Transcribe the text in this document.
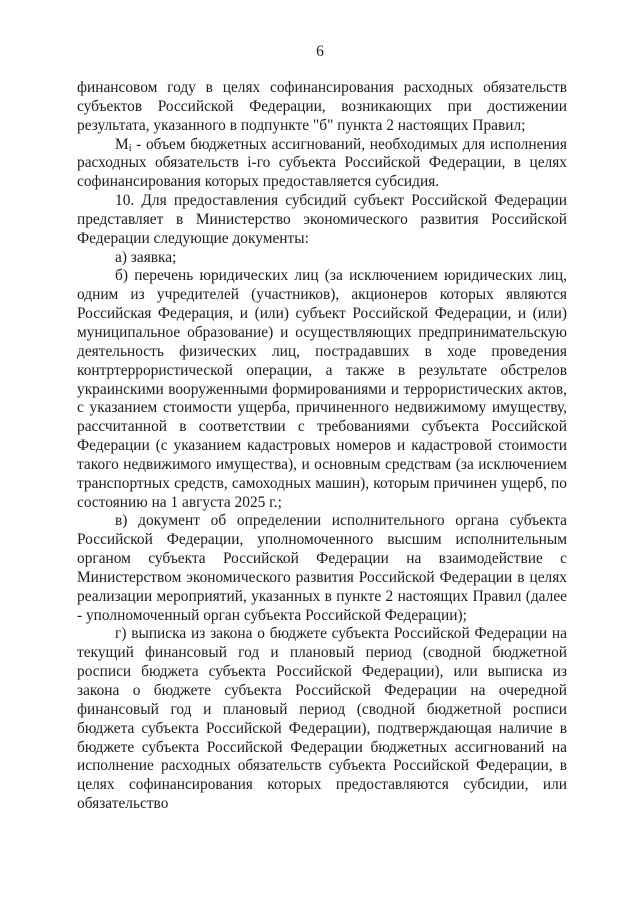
6

финансовом году в целях софинансирования расходных обязательств субъектов Российской Федерации, возникающих при достижении результата, указанного в подпункте "б" пункта 2 настоящих Правил;

$M_i$ - объем бюджетных ассигнований, необходимых для исполнения расходных обязательств i-го субъекта Российской Федерации, в целях софинансирования которых предоставляется субсидия.

10. Для предоставления субсидий субъект Российской Федерации представляет в Министерство экономического развития Российской Федерации следующие документы:

а) заявка;

б) перечень юридических лиц (за исключением юридических лиц, одним из учредителей (участников), акционеров которых являются Российская Федерация, и (или) субъект Российской Федерации, и (или) муниципальное образование) и осуществляющих предпринимательскую деятельность физических лиц, пострадавших в ходе проведения контртеррористической операции, а также в результате обстрелов украинскими вооруженными формированиями и террористических актов, с указанием стоимости ущерба, причиненного недвижимому имуществу, рассчитанной в соответствии с требованиями субъекта Российской Федерации (с указанием кадастровых номеров и кадастровой стоимости такого недвижимого имущества), и основным средствам (за исключением транспортных средств, самоходных машин), которым причинен ущерб, по состоянию на 1 августа 2025 г.;

в) документ об определении исполнительного органа субъекта Российской Федерации, уполномоченного высшим исполнительным органом субъекта Российской Федерации на взаимодействие с Министерством экономического развития Российской Федерации в целях реализации мероприятий, указанных в пункте 2 настоящих Правил (далее - уполномоченный орган субъекта Российской Федерации);

г) выписка из закона о бюджете субъекта Российской Федерации на текущий финансовый год и плановый период (сводной бюджетной росписи бюджета субъекта Российской Федерации), или выписка из закона о бюджете субъекта Российской Федерации на очередной финансовый год и плановый период (сводной бюджетной росписи бюджета субъекта Российской Федерации), подтверждающая наличие в бюджете субъекта Российской Федерации бюджетных ассигнований на исполнение расходных обязательств субъекта Российской Федерации, в целях софинансирования которых предоставляются субсидии, или обязательство
